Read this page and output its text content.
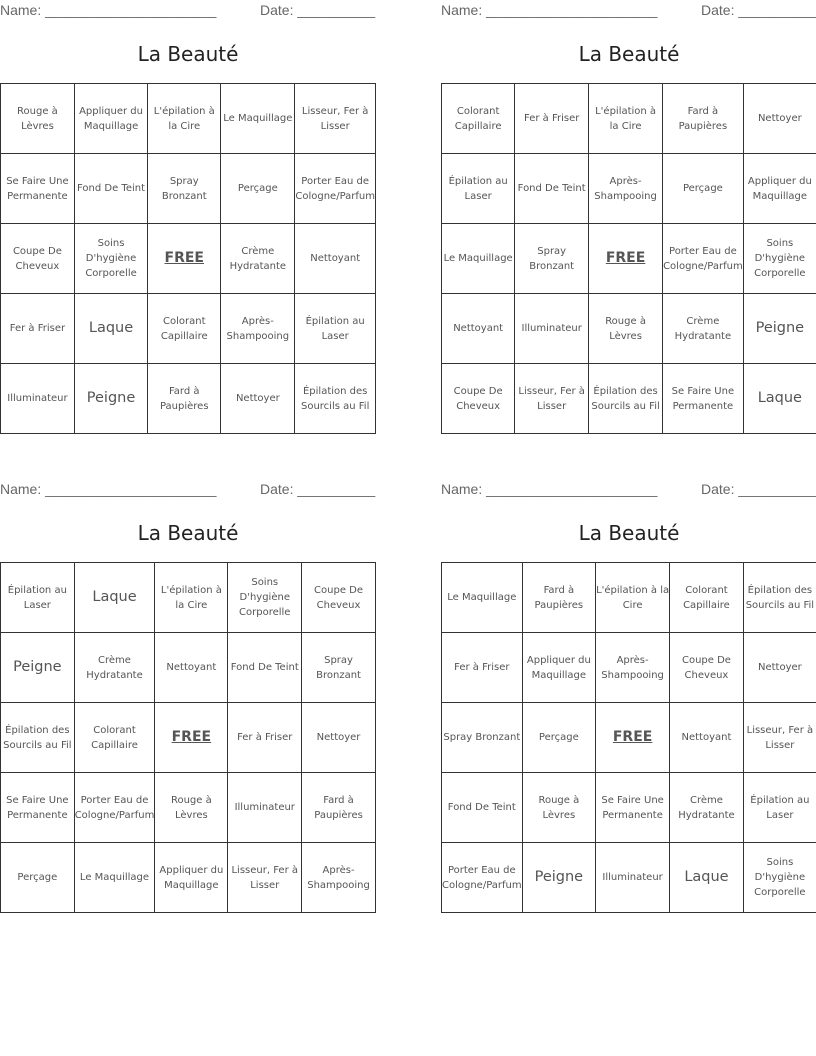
Name: ______________________	Date: __________
La Beauté
Rouge à Lèvres	Appliquer du Maquillage	L'épilation à la Cire	Le Maquillage	Lisseur, Fer à Lisser
Se Faire Une Permanente	Fond De Teint	Spray Bronzant	Perçage	Porter Eau de Cologne/Parfum
Coupe De Cheveux	Soins D'hygiène Corporelle	FREE	Crème Hydratante	Nettoyant
Fer à Friser	Laque	Colorant Capillaire	Après-Shampooing	Épilation au Laser
Illuminateur	Peigne	Fard à Paupières	Nettoyer	Épilation des Sourcils au Fil
Name: ______________________	Date: __________
La Beauté
Colorant Capillaire	Fer à Friser	L'épilation à la Cire	Fard à Paupières	Nettoyer
Épilation au Laser	Fond De Teint	Après-Shampooing	Perçage	Appliquer du Maquillage
Le Maquillage	Spray Bronzant	FREE	Porter Eau de Cologne/Parfum	Soins D'hygiène Corporelle
Nettoyant	Illuminateur	Rouge à Lèvres	Crème Hydratante	Peigne
Coupe De Cheveux	Lisseur, Fer à Lisser	Épilation des Sourcils au Fil	Se Faire Une Permanente	Laque
Name: ______________________	Date: __________
La Beauté
Épilation au Laser	Laque	L'épilation à la Cire	Soins D'hygiène Corporelle	Coupe De Cheveux
Peigne	Crème Hydratante	Nettoyant	Fond De Teint	Spray Bronzant
Épilation des Sourcils au Fil	Colorant Capillaire	FREE	Fer à Friser	Nettoyer
Se Faire Une Permanente	Porter Eau de Cologne/Parfum	Rouge à Lèvres	Illuminateur	Fard à Paupières
Perçage	Le Maquillage	Appliquer du Maquillage	Lisseur, Fer à Lisser	Après-Shampooing
Name: ______________________	Date: __________
La Beauté
Le Maquillage	Fard à Paupières	L'épilation à la Cire	Colorant Capillaire	Épilation des Sourcils au Fil
Fer à Friser	Appliquer du Maquillage	Après-Shampooing	Coupe De Cheveux	Nettoyer
Spray Bronzant	Perçage	FREE	Nettoyant	Lisseur, Fer à Lisser
Fond De Teint	Rouge à Lèvres	Se Faire Une Permanente	Crème Hydratante	Épilation au Laser
Porter Eau de Cologne/Parfum	Peigne	Illuminateur	Laque	Soins D'hygiène Corporelle
